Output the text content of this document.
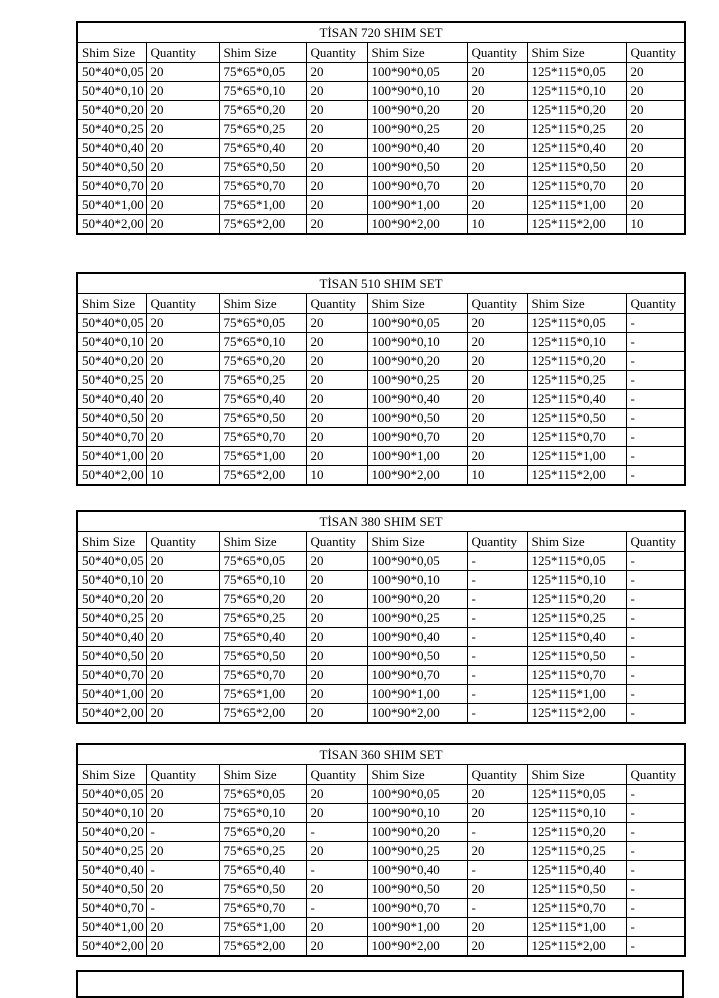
TİSAN 720 SHIM SET							
Shim Size	Quantity	Shim Size	Quantity	Shim Size	Quantity	Shim Size	Quantity
50*40*0,05	20	75*65*0,05	20	100*90*0,05	20	125*115*0,05	20
50*40*0,10	20	75*65*0,10	20	100*90*0,10	20	125*115*0,10	20
50*40*0,20	20	75*65*0,20	20	100*90*0,20	20	125*115*0,20	20
50*40*0,25	20	75*65*0,25	20	100*90*0,25	20	125*115*0,25	20
50*40*0,40	20	75*65*0,40	20	100*90*0,40	20	125*115*0,40	20
50*40*0,50	20	75*65*0,50	20	100*90*0,50	20	125*115*0,50	20
50*40*0,70	20	75*65*0,70	20	100*90*0,70	20	125*115*0,70	20
50*40*1,00	20	75*65*1,00	20	100*90*1,00	20	125*115*1,00	20
50*40*2,00	20	75*65*2,00	20	100*90*2,00	10	125*115*2,00	10
TİSAN 510 SHIM SET							
Shim Size	Quantity	Shim Size	Quantity	Shim Size	Quantity	Shim Size	Quantity
50*40*0,05	20	75*65*0,05	20	100*90*0,05	20	125*115*0,05	-
50*40*0,10	20	75*65*0,10	20	100*90*0,10	20	125*115*0,10	-
50*40*0,20	20	75*65*0,20	20	100*90*0,20	20	125*115*0,20	-
50*40*0,25	20	75*65*0,25	20	100*90*0,25	20	125*115*0,25	-
50*40*0,40	20	75*65*0,40	20	100*90*0,40	20	125*115*0,40	-
50*40*0,50	20	75*65*0,50	20	100*90*0,50	20	125*115*0,50	-
50*40*0,70	20	75*65*0,70	20	100*90*0,70	20	125*115*0,70	-
50*40*1,00	20	75*65*1,00	20	100*90*1,00	20	125*115*1,00	-
50*40*2,00	10	75*65*2,00	10	100*90*2,00	10	125*115*2,00	-
TİSAN 380 SHIM SET							
Shim Size	Quantity	Shim Size	Quantity	Shim Size	Quantity	Shim Size	Quantity
50*40*0,05	20	75*65*0,05	20	100*90*0,05	-	125*115*0,05	-
50*40*0,10	20	75*65*0,10	20	100*90*0,10	-	125*115*0,10	-
50*40*0,20	20	75*65*0,20	20	100*90*0,20	-	125*115*0,20	-
50*40*0,25	20	75*65*0,25	20	100*90*0,25	-	125*115*0,25	-
50*40*0,40	20	75*65*0,40	20	100*90*0,40	-	125*115*0,40	-
50*40*0,50	20	75*65*0,50	20	100*90*0,50	-	125*115*0,50	-
50*40*0,70	20	75*65*0,70	20	100*90*0,70	-	125*115*0,70	-
50*40*1,00	20	75*65*1,00	20	100*90*1,00	-	125*115*1,00	-
50*40*2,00	20	75*65*2,00	20	100*90*2,00	-	125*115*2,00	-
TİSAN 360 SHIM SET							
Shim Size	Quantity	Shim Size	Quantity	Shim Size	Quantity	Shim Size	Quantity
50*40*0,05	20	75*65*0,05	20	100*90*0,05	20	125*115*0,05	-
50*40*0,10	20	75*65*0,10	20	100*90*0,10	20	125*115*0,10	-
50*40*0,20	-	75*65*0,20	-	100*90*0,20	-	125*115*0,20	-
50*40*0,25	20	75*65*0,25	20	100*90*0,25	20	125*115*0,25	-
50*40*0,40	-	75*65*0,40	-	100*90*0,40	-	125*115*0,40	-
50*40*0,50	20	75*65*0,50	20	100*90*0,50	20	125*115*0,50	-
50*40*0,70	-	75*65*0,70	-	100*90*0,70	-	125*115*0,70	-
50*40*1,00	20	75*65*1,00	20	100*90*1,00	20	125*115*1,00	-
50*40*2,00	20	75*65*2,00	20	100*90*2,00	20	125*115*2,00	-
